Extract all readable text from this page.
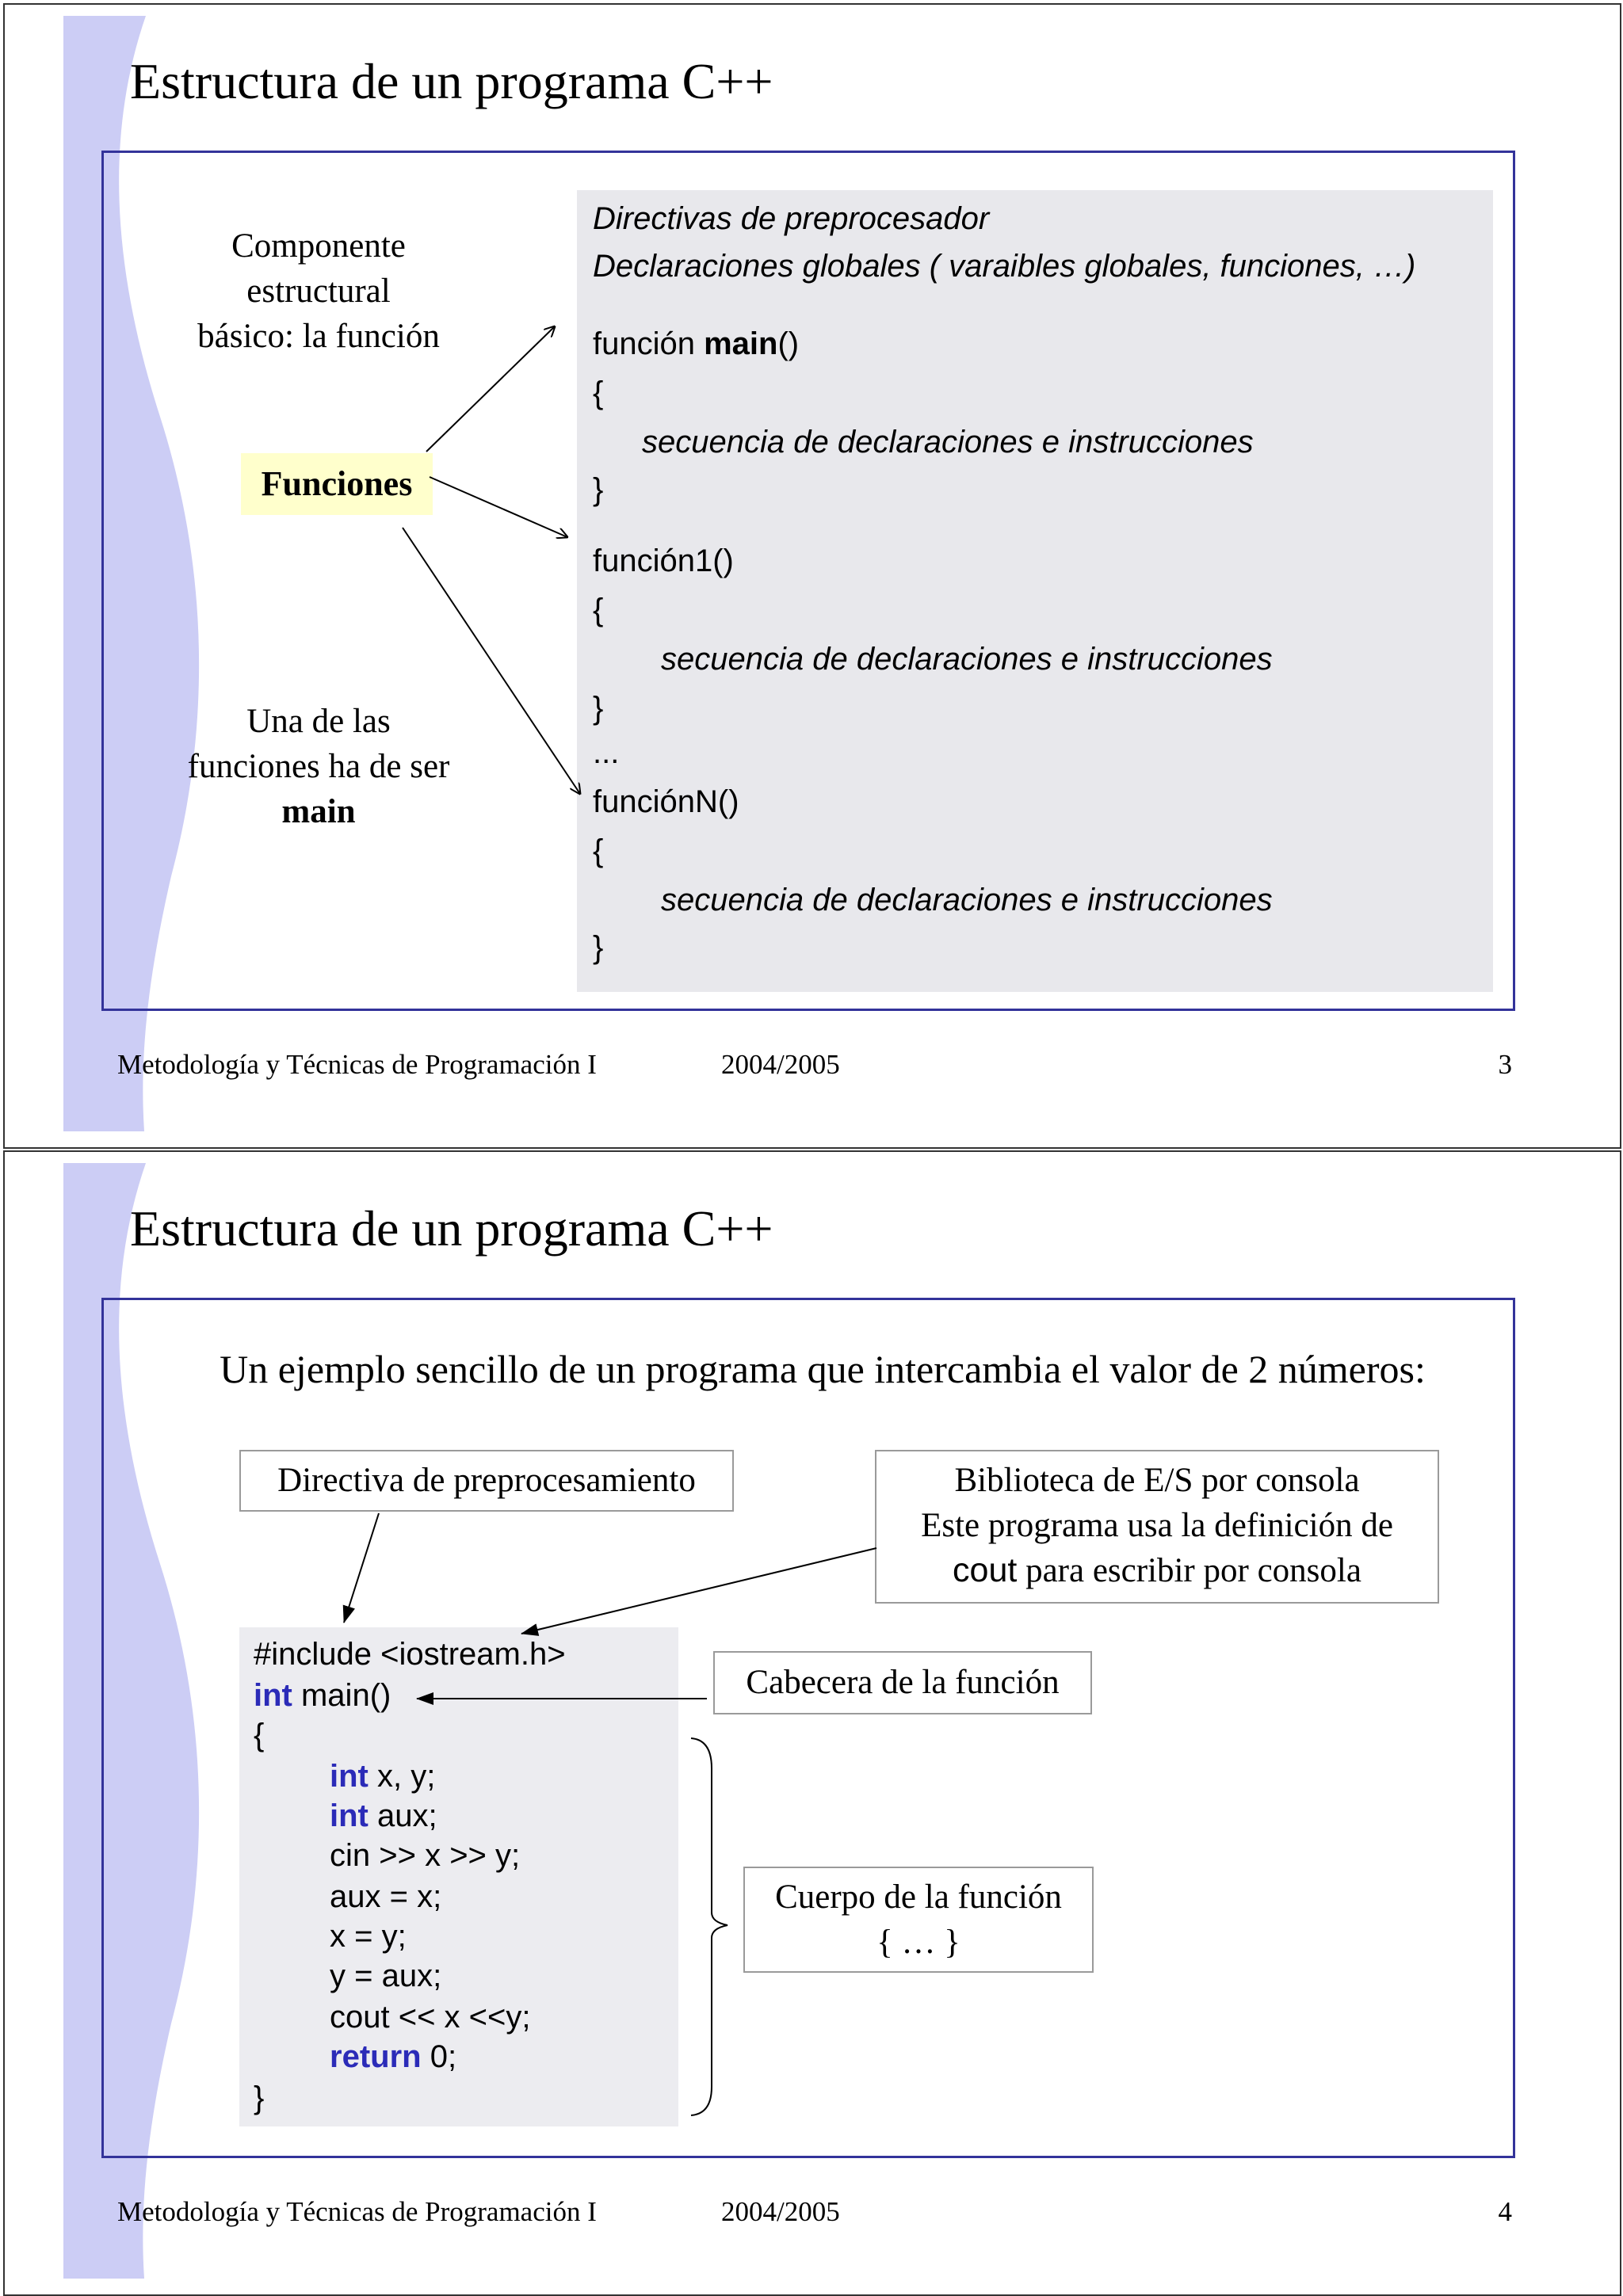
Estructura de un programa C++
Directivas de preprocesador
Declaraciones globales ( varaibles globales, funciones, …)
función main()
{
secuencia de declaraciones e instrucciones
}
función1()
{
secuencia de declaraciones e instrucciones
}
...
funciónN()
{
secuencia de declaraciones e instrucciones
}
Componente
estructural
básico: la función
Funciones
Una de las
funciones ha de ser
main
Metodología y Técnicas de Programación I	2004/2005	3
Estructura de un programa C++
Un ejemplo sencillo de un programa que intercambia el valor de 2 números:
Directiva de preprocesamiento	Biblioteca de E/S por consola
Este programa usa la definición de
cout para escribir por consola
Cabecera de la función
Cuerpo de la función
{ … }
#include <iostream.h>
int main()
{
int x, y;
int aux;
cin >> x >> y;
aux = x;
x = y;
y = aux;
cout << x <<y;
return 0;
}
Metodología y Técnicas de Programación I	2004/2005	4
